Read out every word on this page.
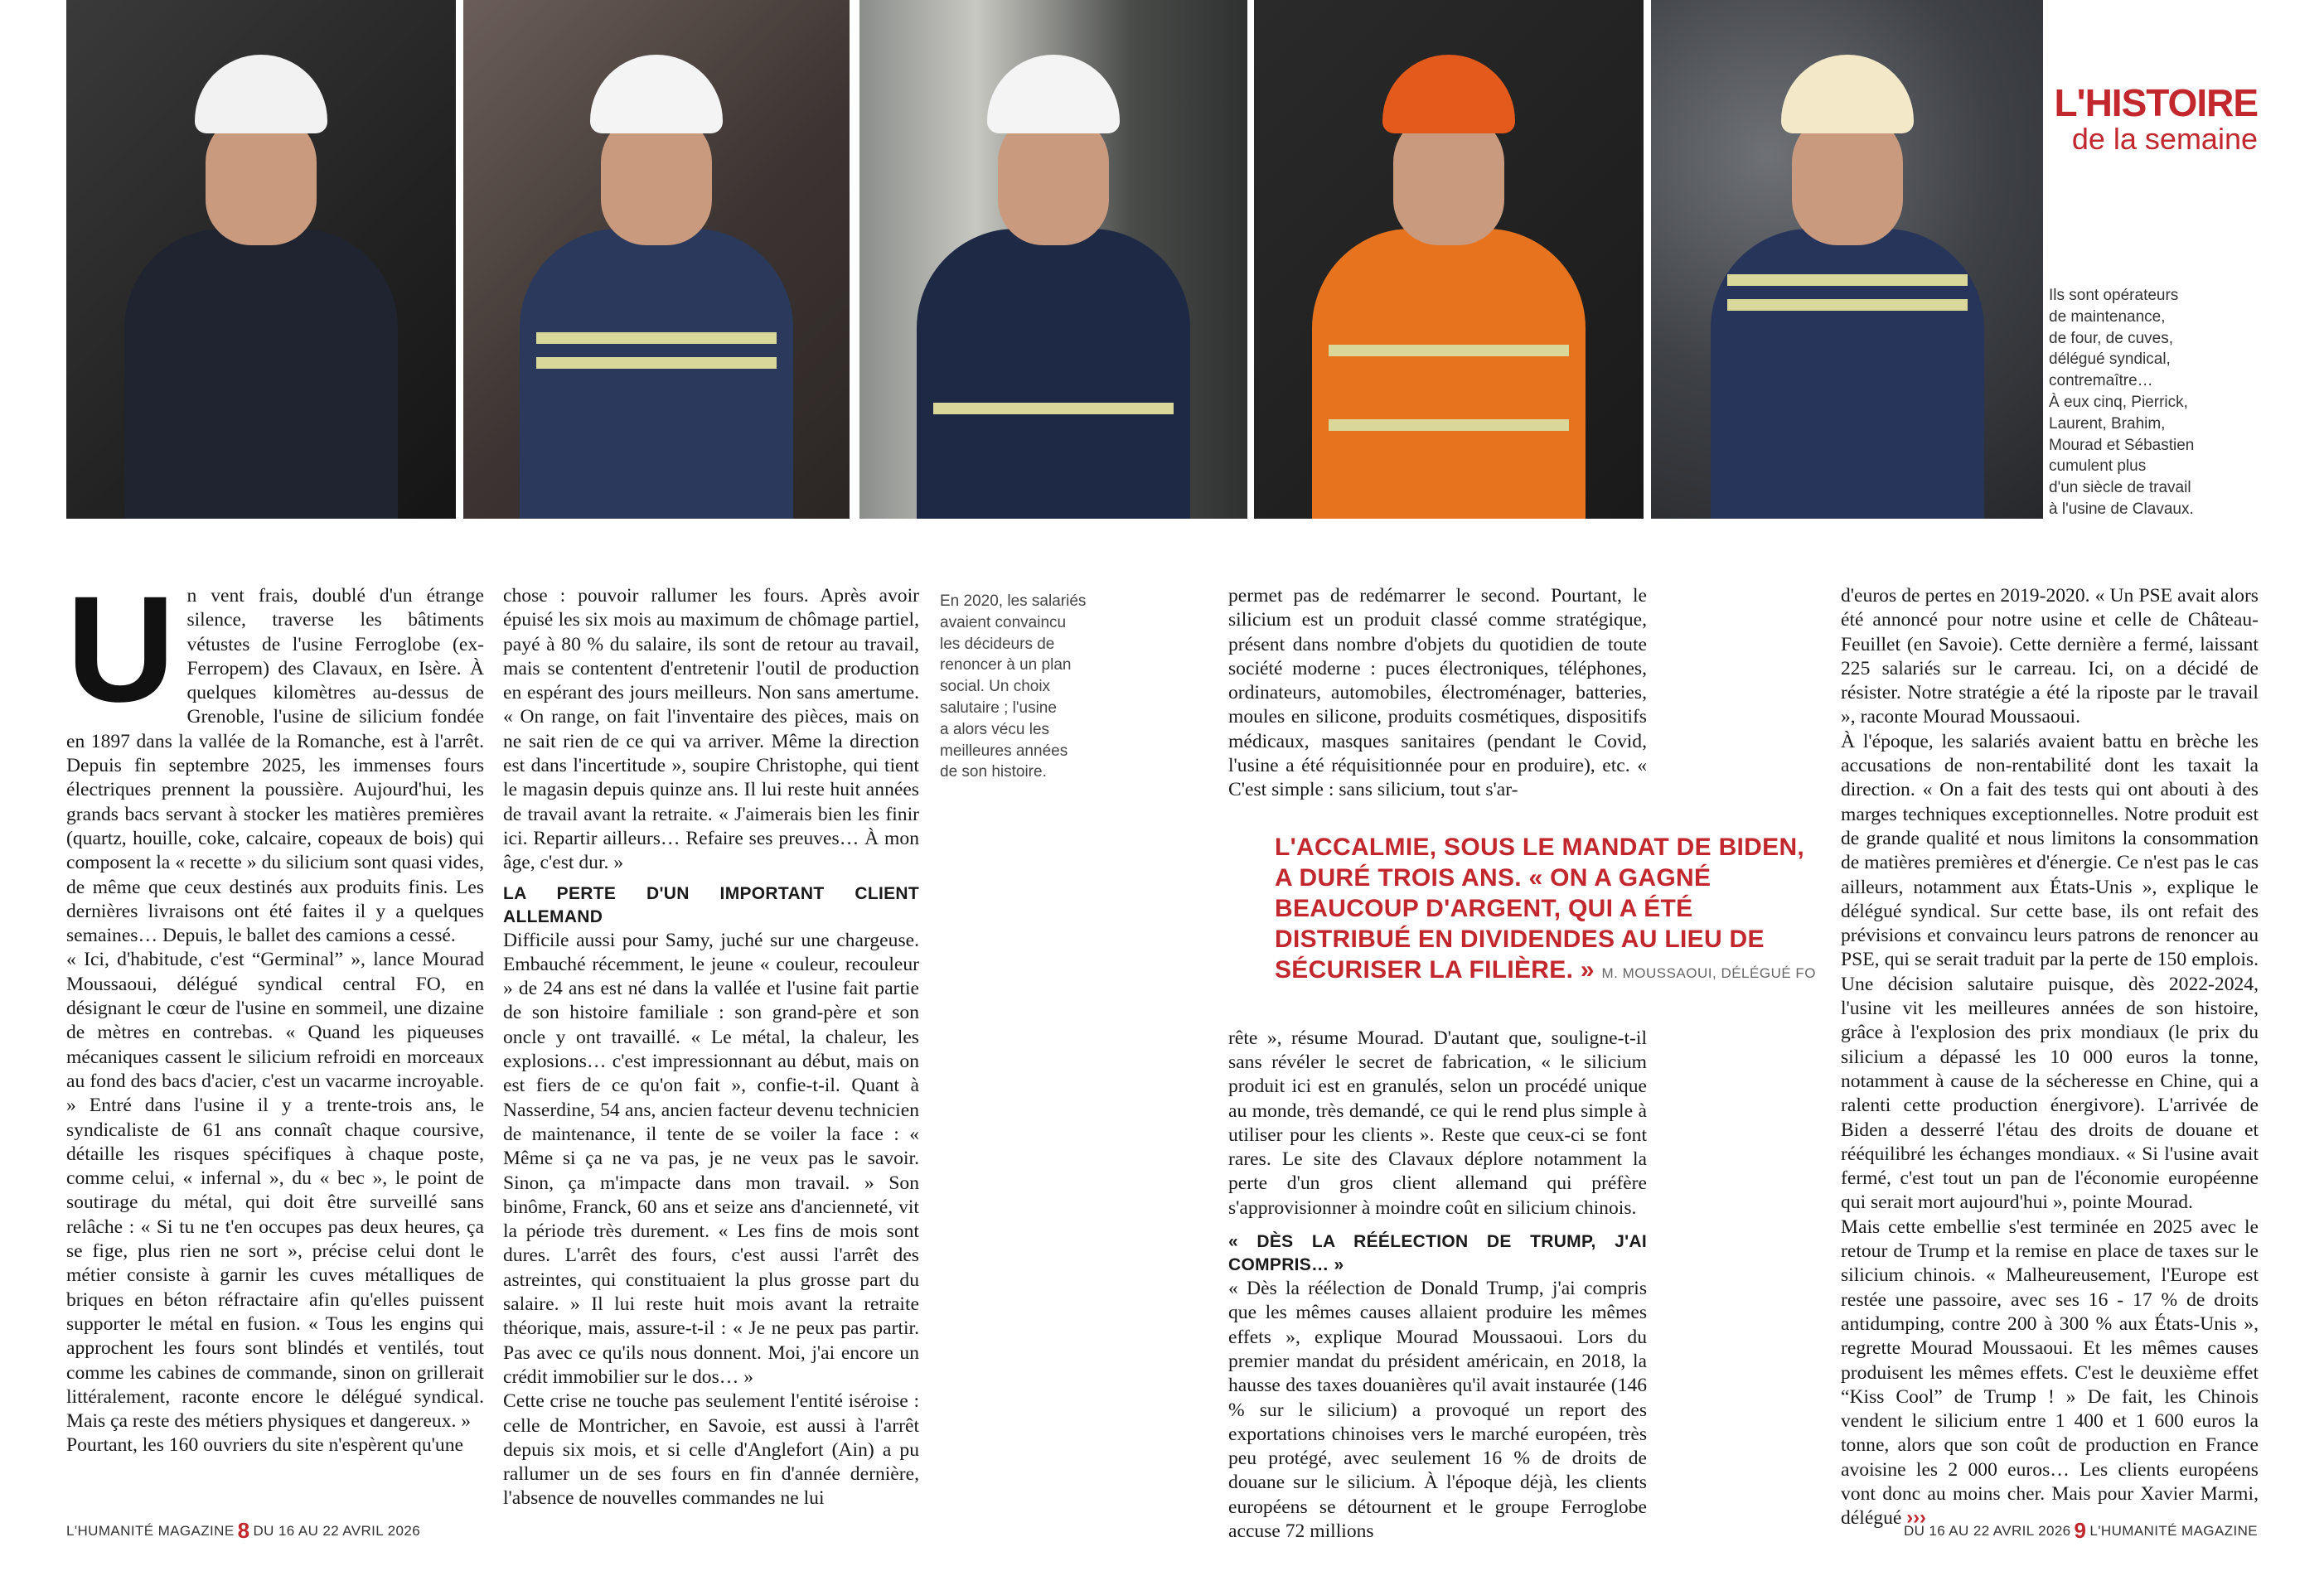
L'HISTOIRE
de la semaine
Ils sont opérateurs
de maintenance,
de four, de cuves,
délégué syndical,
contremaître…
À eux cinq, Pierrick,
Laurent, Brahim,
Mourad et Sébastien
cumulent plus
d'un siècle de travail
à l'usine de Clavaux.
U n vent frais, doublé d'un étrange silence, traverse les bâtiments vétustes de l'usine Ferroglobe (ex-Ferropem) des Clavaux, en Isère. À quelques kilomètres au-dessus de Grenoble, l'usine de silicium fondée en 1897 dans la vallée de la Romanche, est à l'arrêt. Depuis fin septembre 2025, les immenses fours électriques prennent la poussière. Aujourd'hui, les grands bacs servant à stocker les matières premières (quartz, houille, coke, calcaire, copeaux de bois) qui composent la « recette » du silicium sont quasi vides, de même que ceux destinés aux produits finis. Les dernières livraisons ont été faites il y a quelques semaines… Depuis, le ballet des camions a cessé.

« Ici, d'habitude, c'est “Germinal” », lance Mourad Moussaoui, délégué syndical central FO, en désignant le cœur de l'usine en sommeil, une dizaine de mètres en contrebas. « Quand les piqueuses mécaniques cassent le silicium refroidi en morceaux au fond des bacs d'acier, c'est un vacarme incroyable. » Entré dans l'usine il y a trente-trois ans, le syndicaliste de 61 ans connaît chaque coursive, détaille les risques spécifiques à chaque poste, comme celui, « infernal », du « bec », le point de soutirage du métal, qui doit être surveillé sans relâche : « Si tu ne t'en occupes pas deux heures, ça se fige, plus rien ne sort », précise celui dont le métier consiste à garnir les cuves métalliques de briques en béton réfractaire afin qu'elles puissent supporter le métal en fusion. « Tous les engins qui approchent les fours sont blindés et ventilés, tout comme les cabines de commande, sinon on grillerait littéralement, raconte encore le délégué syndical. Mais ça reste des métiers physiques et dangereux. »

Pourtant, les 160 ouvriers du site n'espèrent qu'une

chose : pouvoir rallumer les fours. Après avoir épuisé les six mois au maximum de chômage partiel, payé à 80 % du salaire, ils sont de retour au travail, mais se contentent d'entretenir l'outil de production en espérant des jours meilleurs. Non sans amertume. « On range, on fait l'inventaire des pièces, mais on ne sait rien de ce qui va arriver. Même la direction est dans l'incertitude », soupire Christophe, qui tient le magasin depuis quinze ans. Il lui reste huit années de travail avant la retraite. « J'aimerais bien les finir ici. Repartir ailleurs… Refaire ses preuves… À mon âge, c'est dur. »

LA PERTE D'UN IMPORTANT CLIENT ALLEMAND

Difficile aussi pour Samy, juché sur une chargeuse. Embauché récemment, le jeune « couleur, recouleur » de 24 ans est né dans la vallée et l'usine fait partie de son histoire familiale : son grand-père et son oncle y ont travaillé. « Le métal, la chaleur, les explosions… c'est impressionnant au début, mais on est fiers de ce qu'on fait », confie-t-il. Quant à Nasserdine, 54 ans, ancien facteur devenu technicien de maintenance, il tente de se voiler la face : « Même si ça ne va pas, je ne veux pas le savoir. Sinon, ça m'impacte dans mon travail. » Son binôme, Franck, 60 ans et seize ans d'ancienneté, vit la période très durement. « Les fins de mois sont dures. L'arrêt des fours, c'est aussi l'arrêt des astreintes, qui constituaient la plus grosse part du salaire. » Il lui reste huit mois avant la retraite théorique, mais, assure-t-il : « Je ne peux pas partir. Pas avec ce qu'ils nous donnent. Moi, j'ai encore un crédit immobilier sur le dos… »

Cette crise ne touche pas seulement l'entité iséroise : celle de Montricher, en Savoie, est aussi à l'arrêt depuis six mois, et si celle d'Anglefort (Ain) a pu rallumer un de ses fours en fin d'année dernière, l'absence de nouvelles commandes ne lui

En 2020, les salariés
avaient convaincu
les décideurs de
renoncer à un plan
social. Un choix
salutaire ; l'usine
a alors vécu les
meilleures années
de son histoire.

permet pas de redémarrer le second. Pourtant, le silicium est un produit classé comme stratégique, présent dans nombre d'objets du quotidien de toute société moderne : puces électroniques, téléphones, ordinateurs, automobiles, électroménager, batteries, moules en silicone, produits cosmétiques, dispositifs médicaux, masques sanitaires (pendant le Covid, l'usine a été réquisitionnée pour en produire), etc. « C'est simple : sans silicium, tout s'ar-

rête », résume Mourad. D'autant que, souligne-t-il sans révéler le secret de fabrication, « le silicium produit ici est en granulés, selon un procédé unique au monde, très demandé, ce qui le rend plus simple à utiliser pour les clients ». Reste que ceux-ci se font rares. Le site des Clavaux déplore notamment la perte d'un gros client allemand qui préfère s'approvisionner à moindre coût en silicium chinois.

« DÈS LA RÉÉLECTION DE TRUMP, J'AI COMPRIS… »

« Dès la réélection de Donald Trump, j'ai compris que les mêmes causes allaient produire les mêmes effets », explique Mourad Moussaoui. Lors du premier mandat du président américain, en 2018, la hausse des taxes douanières qu'il avait instaurée (146 % sur le silicium) a provoqué un report des exportations chinoises vers le marché européen, très peu protégé, avec seulement 16 % de droits de douane sur le silicium. À l'époque déjà, les clients européens se détournent et le groupe Ferroglobe accuse 72 millions

L'ACCALMIE, SOUS LE MANDAT DE BIDEN, A DURÉ TROIS ANS. « ON A GAGNÉ BEAUCOUP D'ARGENT, QUI A ÉTÉ DISTRIBUÉ EN DIVIDENDES AU LIEU DE SÉCURISER LA FILIÈRE. » M. MOUSSAOUI, DÉLÉGUÉ FO

d'euros de pertes en 2019-2020. « Un PSE avait alors été annoncé pour notre usine et celle de Château-Feuillet (en Savoie). Cette dernière a fermé, laissant 225 salariés sur le carreau. Ici, on a décidé de résister. Notre stratégie a été la riposte par le travail », raconte Mourad Moussaoui.

À l'époque, les salariés avaient battu en brèche les accusations de non-rentabilité dont les taxait la direction. « On a fait des tests qui ont abouti à des marges techniques exceptionnelles. Notre produit est de grande qualité et nous limitons la consommation de matières premières et d'énergie. Ce n'est pas le cas ailleurs, notamment aux États-Unis », explique le délégué syndical. Sur cette base, ils ont refait des prévisions et convaincu leurs patrons de renoncer au PSE, qui se serait traduit par la perte de 150 emplois. Une décision salutaire puisque, dès 2022-2024, l'usine vit les meilleures années de son histoire, grâce à l'explosion des prix mondiaux (le prix du silicium a dépassé les 10 000 euros la tonne, notamment à cause de la sécheresse en Chine, qui a ralenti cette production énergivore). L'arrivée de Biden a desserré l'étau des droits de douane et rééquilibré les échanges mondiaux. « Si l'usine avait fermé, c'est tout un pan de l'économie européenne qui serait mort aujourd'hui », pointe Mourad.

Mais cette embellie s'est terminée en 2025 avec le retour de Trump et la remise en place de taxes sur le silicium chinois. « Malheureusement, l'Europe est restée une passoire, avec ses 16 - 17 % de droits antidumping, contre 200 à 300 % aux États-Unis », regrette Mourad Moussaoui. Et les mêmes causes produisent les mêmes effets. C'est le deuxième effet “Kiss Cool” de Trump ! » De fait, les Chinois vendent le silicium entre 1 400 et 1 600 euros la tonne, alors que son coût de production en France avoisine les 2 000 euros… Les clients européens vont donc au moins cher. Mais pour Xavier Marmi, délégué ›››

L'HUMANITÉ MAGAZINE 8 DU 16 AU 22 AVRIL 2026	DU 16 AU 22 AVRIL 2026 9 L'HUMANITÉ MAGAZINE
